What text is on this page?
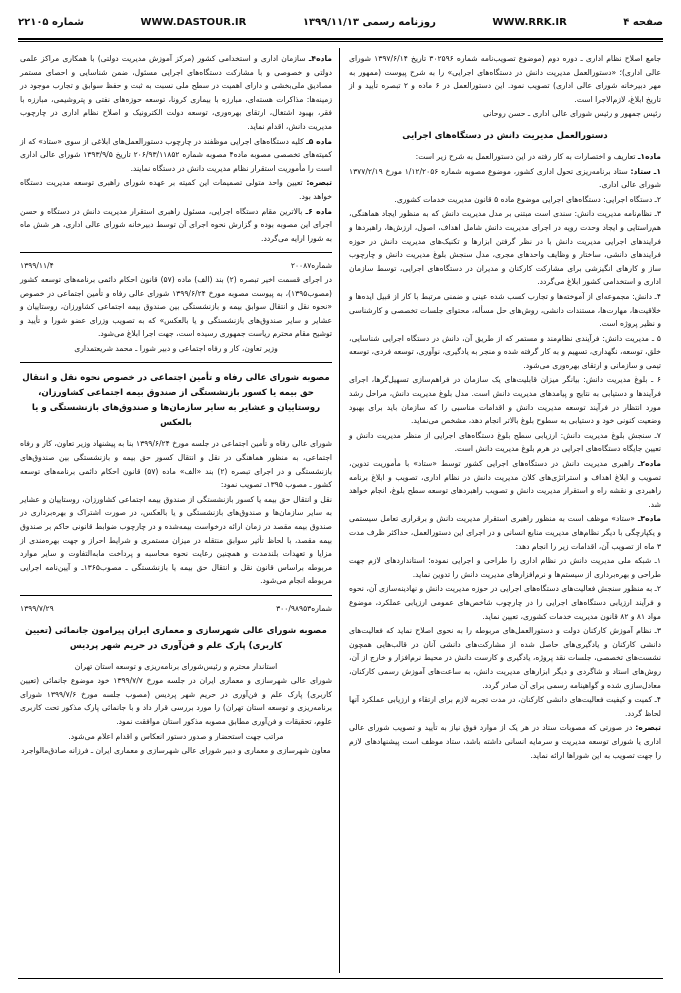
صفحه ۴
WWW.RRK.IR
روزنامه رسمی ۱۳۹۹/۱۱/۱۳
WWW.DASTOUR.IR
شماره ۲۲۱۰۵

جامع اصلاح نظام اداری ـ دوره دوم (موضوع تصویب‌نامه شماره ۳۰۲۵۹۶ تاریخ ۱۳۹۷/۶/۱۴ شورای عالی اداری)؛ «دستورالعمل مدیریت دانش در دستگاه‌های اجرایی» را به شرح پیوست (ممهور به مهر دبیرخانه شورای عالی اداری) تصویب نمود. این دستورالعمل در ۶ ماده و ۲ تبصره تأیید و از تاریخ ابلاغ، لازم‌الاجرا است.

رئیس جمهور و رئیس شورای عالی اداری ـ حسن روحانی

دستورالعمل مدیریت دانش در دستگاه‌های اجرایی

ماده۱ـ تعاریف و اختصارات به کار رفته در این دستورالعمل به شرح زیر است:

۱ـ ستاد: ستاد برنامه‌ریزی تحول اداری کشور، موضوع مصوبه شماره ۱/۱۲/۲۰۵۶ مورخ ۱۳۷۷/۲/۱۹ شورای عالی اداری.

۲ـ دستگاه اجرایی: دستگاه‌های اجرایی موضوع ماده ۵ قانون مدیریت خدمات کشوری.

۳ـ نظام‌نامه مدیریت دانش: سندی است مبتنی بر مدل مدیریت دانش که به منظور ایجاد هماهنگی، هم‌راستایی و ایجاد وحدت رویه در اجرای مدیریت دانش شامل اهداف، اصول، ارزش‌ها، راهبردها و فرایندهای اجرایی مدیریت دانش با در نظر گرفتن ابزارها و تکنیک‌های مدیریت دانش در حوزه فرایندهای دانشی، ساختار و وظایف واحدهای مجری، مدل سنجش بلوغ مدیریت دانش و چارچوب ساز و کارهای انگیزشی برای مشارکت کارکنان و مدیران در دستگاه‌های اجرایی، توسط سازمان اداری و استخدامی کشور ابلاغ می‌گردد.

۴ـ دانش: مجموعه‌ای از آموخته‌ها و تجارب کسب شده عینی و ضمنی مرتبط با کار از قبیل ایده‌ها و خلاقیت‌ها، مهارت‌ها، مستندات دانشی، روش‌های حل مسأله، محتوای جلسات تخصصی و کارشناسی و نظیر پروژه است.

۵ ـ مدیریت دانش: فرآیندی نظام‌مند و مستمر که از طریق آن، دانش در دستگاه اجرایی شناسایی، خلق، توسعه، نگهداری، تسهیم و به کار گرفته شده و منجر به یادگیری، نوآوری، توسعه فردی، توسعه تیمی و سازمانی و ارتقای بهره‌وری می‌شود.

۶ ـ بلوغ مدیریت دانش: بیانگر میزان قابلیت‌های یک سازمان در فراهم‌سازی تسهیل‌گرها، اجرای فرآیندها و دستیابی به نتایج و پیامدهای مدیریت دانش است. مدل بلوغ مدیریت دانش، مراحل رشد مورد انتظار در فرآیند توسعه مدیریت دانش و اقدامات مناسبی را که سازمان باید برای بهبود وضعیت کنونی خود و دستیابی به سطوح بلوغ بالاتر انجام دهد، مشخص می‌نماید.

۷ـ سنجش بلوغ مدیریت دانش: ارزیابی سطح بلوغ دستگاه‌های اجرایی از منظر مدیریت دانش و تعیین جایگاه دستگاه‌های اجرایی در هرم بلوغ مدیریت دانش است.

ماده۲ـ راهبری مدیریت دانش در دستگاه‌های اجرایی کشور توسط «ستاد» با مأموریت تدوین، تصویب و ابلاغ اهداف و استراتژی‌های کلان مدیریت دانش در نظام اداری، تصویب و ابلاغ برنامه راهبردی و نقشه راه و استقرار مدیریت دانش و تصویب راهبردهای توسعه سطح بلوغ، انجام خواهد شد.

ماده۳ـ «ستاد» موظف است به منظور راهبری استقرار مدیریت دانش و برقراری تعامل سیستمی و یکپارچگی با دیگر نظام‌های مدیریت منابع انسانی و در اجرای این دستورالعمل، حداکثر ظرف مدت ۳ ماه از تصویب آن، اقدامات زیر را انجام دهد:

۱ـ شبکه ملی مدیریت دانش در نظام اداری را طراحی و اجرایی نموده؛ استانداردهای لازم جهت طراحی و بهره‌برداری از سیستم‌ها و نرم‌افزارهای مدیریت دانش را تدوین نماید.

۲ـ به منظور سنجش فعالیت‌های دستگاه‌های اجرایی در حوزه مدیریت دانش و نهادینه‌سازی آن، نحوه و فرآیند ارزیابی دستگاه‌های اجرایی را در چارچوب شاخص‌های عمومی ارزیابی عملکرد، موضوع مواد ۸۱ و ۸۲ قانون مدیریت خدمات کشوری، تعیین نماید.

۳ـ نظام آموزش کارکنان دولت و دستورالعمل‌های مربوطه را به نحوی اصلاح نماید که فعالیت‌های دانشی کارکنان و یادگیری‌های حاصل شده از مشارکت‌های دانشی آنان در قالب‌هایی همچون نشست‌های تخصصی، جلسات نقد پروژه، یادگیری و کارست دانش در محیط نرم‌افزار و خارج از آن، روش‌های استاد و شاگردی و دیگر ابزارهای مدیریت دانش، به ساعت‌های آموزش رسمی کارکنان، معادل‌سازی شده و گواهینامه رسمی برای آن صادر گردد.

۴ـ کمیت و کیفیت فعالیت‌های دانشی کارکنان، در مدت تجربه لازم برای ارتقاء و ارزیابی عملکرد آنها لحاظ گردد.

تبصره: در صورتی که مصوبات ستاد در هر یک از موارد فوق نیاز به تأیید و تصویب شورای عالی اداری یا شورای توسعه مدیریت و سرمایه انسانی داشته باشد، ستاد موظف است پیشنهادهای لازم را جهت تصویب به این شوراها ارائه نماید.

ماده۴ـ سازمان اداری و استخدامی کشور (مرکز آموزش مدیریت دولتی) با همکاری مراکز علمی دولتی و خصوصی و با مشارکت دستگاه‌های اجرایی مسئول، ضمن شناسایی و احصای مستمر مصادیق ملی‌بخشی و دارای اهمیت در سطح ملی نسبت به ثبت و حفظ سوابق و تجارب موجود در زمینه‌ها: مذاکرات هسته‌ای، مبارزه با بیماری کرونا، توسعه حوزه‌های نفتی و پتروشیمی، مبارزه با فقر، بهبود اشتغال، ارتقای بهره‌وری، توسعه دولت الکترونیک و اصلاح نظام اداری در چارچوب مدیریت دانش، اقدام نماید.

ماده ۵ـ کلیه دستگاه‌های اجرایی موظفند در چارچوب دستورالعمل‌های ابلاغی از سوی «ستاد» که از کمیته‌های تخصصی مصوبه ماده۴ مصوبه شماره ۲۰۶/۹۳/۱۱۸۵۲ تاریخ ۱۳۹۳/۹/۵ شورای عالی اداری است را مأموریت استقرار نظام مدیریت دانش در دستگاه نمایند.

تبصره: تعیین واحد متولی تصمیمات این کمیته بر عهده شورای راهبری توسعه مدیریت دستگاه خواهد بود.

ماده ۶ـ بالاترین مقام دستگاه اجرایی، مسئول راهبری استقرار مدیریت دانش در دستگاه و حسن اجرای این مصوبه بوده و گزارش نحوه اجرای آن توسط دبیرخانه شورای عالی اداری، هر شش ماه به شورا ارایه می‌گردد.

شماره۲۰۰۸۷
۱۳۹۹/۱۱/۴

در اجرای قسمت اخیر تبصره (۲) بند (الف) ماده (۵۷) قانون احکام دائمی برنامه‌های توسعه کشور (مصوب۱۳۹۵)، به پیوست مصوبه مورخ ۱۳۹۹/۶/۲۴ شورای عالی رفاه و تأمین اجتماعی در خصوص «نحوه نقل و انتقال سوابق بیمه و بازنشستگی بین صندوق بیمه اجتماعی کشاورزان، روستاییان و عشایر و سایر صندوق‌های بازنشستگی و یا بالعکس» که به تصویب وزرای عضو شورا و تأیید و توشیح مقام محترم ریاست جمهوری رسیده است، جهت اجرا ابلاغ می‌شود.

وزیر تعاون، کار و رفاه اجتماعی و دبیر شورا ـ محمد شریعتمداری

مصوبه شورای عالی رفاه و تأمین اجتماعی در خصوص نحوه نقل و انتقال حق بیمه یا کسور بازنشستگی از صندوق بیمه اجتماعی کشاورزان، روستاییان و عشایر به سایر سازمان‌ها و صندوق‌های بازنشستگی و یا بالعکس

شورای عالی رفاه و تأمین اجتماعی در جلسه مورخ ۱۳۹۹/۶/۲۴ بنا به پیشنهاد وزیر تعاون، کار و رفاه اجتماعی، به منظور هماهنگی در نقل و انتقال کسور حق بیمه و بازنشستگی بین صندوق‌های بازنشستگی و در اجرای تبصره (۲) بند «الف» ماده (۵۷) قانون احکام دائمی برنامه‌های توسعه کشور ـ مصوب ۱۳۹۵ـ تصویب نمود:

نقل و انتقال حق بیمه یا کسور بازنشستگی از صندوق بیمه اجتماعی کشاورزان، روستاییان و عشایر به سایر سازمان‌ها و صندوق‌های بازنشستگی و یا بالعکس، در صورت اشتراک و بهره‌برداری در صندوق بیمه مقصد در زمان ارائه درخواست بیمه‌شده و در چارچوب ضوابط قانونی حاکم بر صندوق بیمه مقصد، با لحاظ تأثیر سوابق منتقله در میزان مستمری و شرایط احراز و جهت بهره‌مندی از مزایا و تعهدات بلندمدت و همچنین رعایت نحوه محاسبه و پرداخت مابه‌التفاوت و سایر موارد مربوطه براساس قانون نقل و انتقال حق بیمه یا بازنشستگی ـ مصوب۱۳۶۵ـ و آیین‌نامه اجرایی مربوطه انجام می‌شود.

شماره۳۰۰/۹۸۹۵۳
۱۳۹۹/۷/۲۹

مصوبه شورای عالی شهرسازی و معماری ایران پیرامون جانمائی (تعیین کاربری) پارک علم و فن‌آوری در حریم شهر پردیس

استاندار محترم و رئیس‌شورای برنامه‌ریزی و توسعه استان تهران

شورای عالی شهرسازی و معماری ایران در جلسه مورخ ۱۳۹۹/۷/۷ خود موضوع جانمائی (تعیین کاربری) پارک علم و فن‌آوری در حریم شهر پردیس (مصوب جلسه مورخ ۱۳۹۹/۷/۶ شورای برنامه‌ریزی و توسعه استان تهران) را مورد بررسی قرار داد و با جانمائی پارک مذکور تحت کاربری علوم، تحقیقات و فن‌آوری مطابق مصوبه مذکور استان موافقت نمود.

مراتب جهت استحضار و صدور دستور انعکاس و اقدام اعلام می‌شود.

معاون شهرسازی و معماری و دبیر شورای عالی شهرسازی و معماری ایران ـ فرزانه صادق‌مالواجرد
